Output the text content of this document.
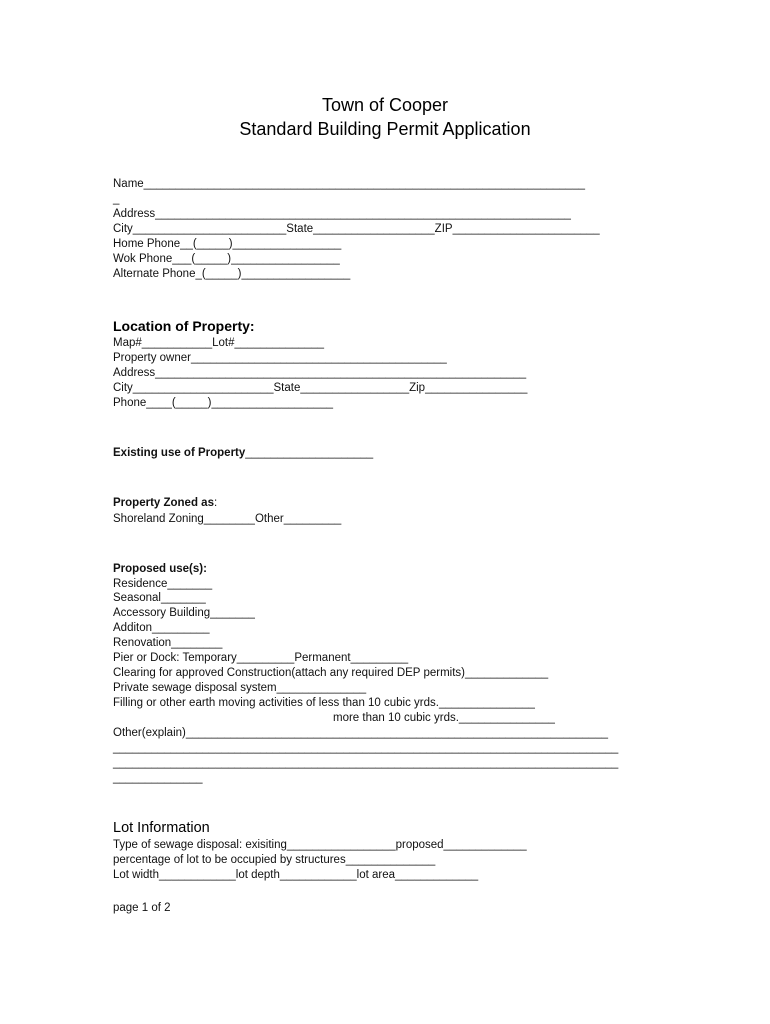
Town of Cooper
Standard Building Permit Application
Name_____________________________________________________________________
_
Address_________________________________________________________________
City________________________State___________________ZIP_______________________
Home Phone__(_____)_________________
Wok Phone___(_____)_________________
Alternate Phone_(_____)_________________
Location of Property:
Map#___________Lot#______________
Property owner________________________________________
Address__________________________________________________________
City______________________State_________________Zip________________
Phone____(_____)___________________
Existing use of Property____________________
Property Zoned as:
Shoreland Zoning________Other_________
Proposed use(s):
Residence_______
Seasonal_______
Accessory Building_______
Additon_________
Renovation________
Pier or Dock: Temporary_________Permanent_________
Clearing for approved Construction(attach any required DEP permits)_____________
Private sewage disposal system______________
Filling or other earth moving activities of less than 10 cubic yrds._______________
more than 10 cubic yrds._______________
Other(explain)__________________________________________________________________
_______________________________________________________________________________
_______________________________________________________________________________
______________
Lot Information
Type of sewage disposal: exisiting_________________proposed_____________
percentage of lot to be occupied by structures______________
Lot width____________lot depth____________lot area_____________
page 1 of 2
